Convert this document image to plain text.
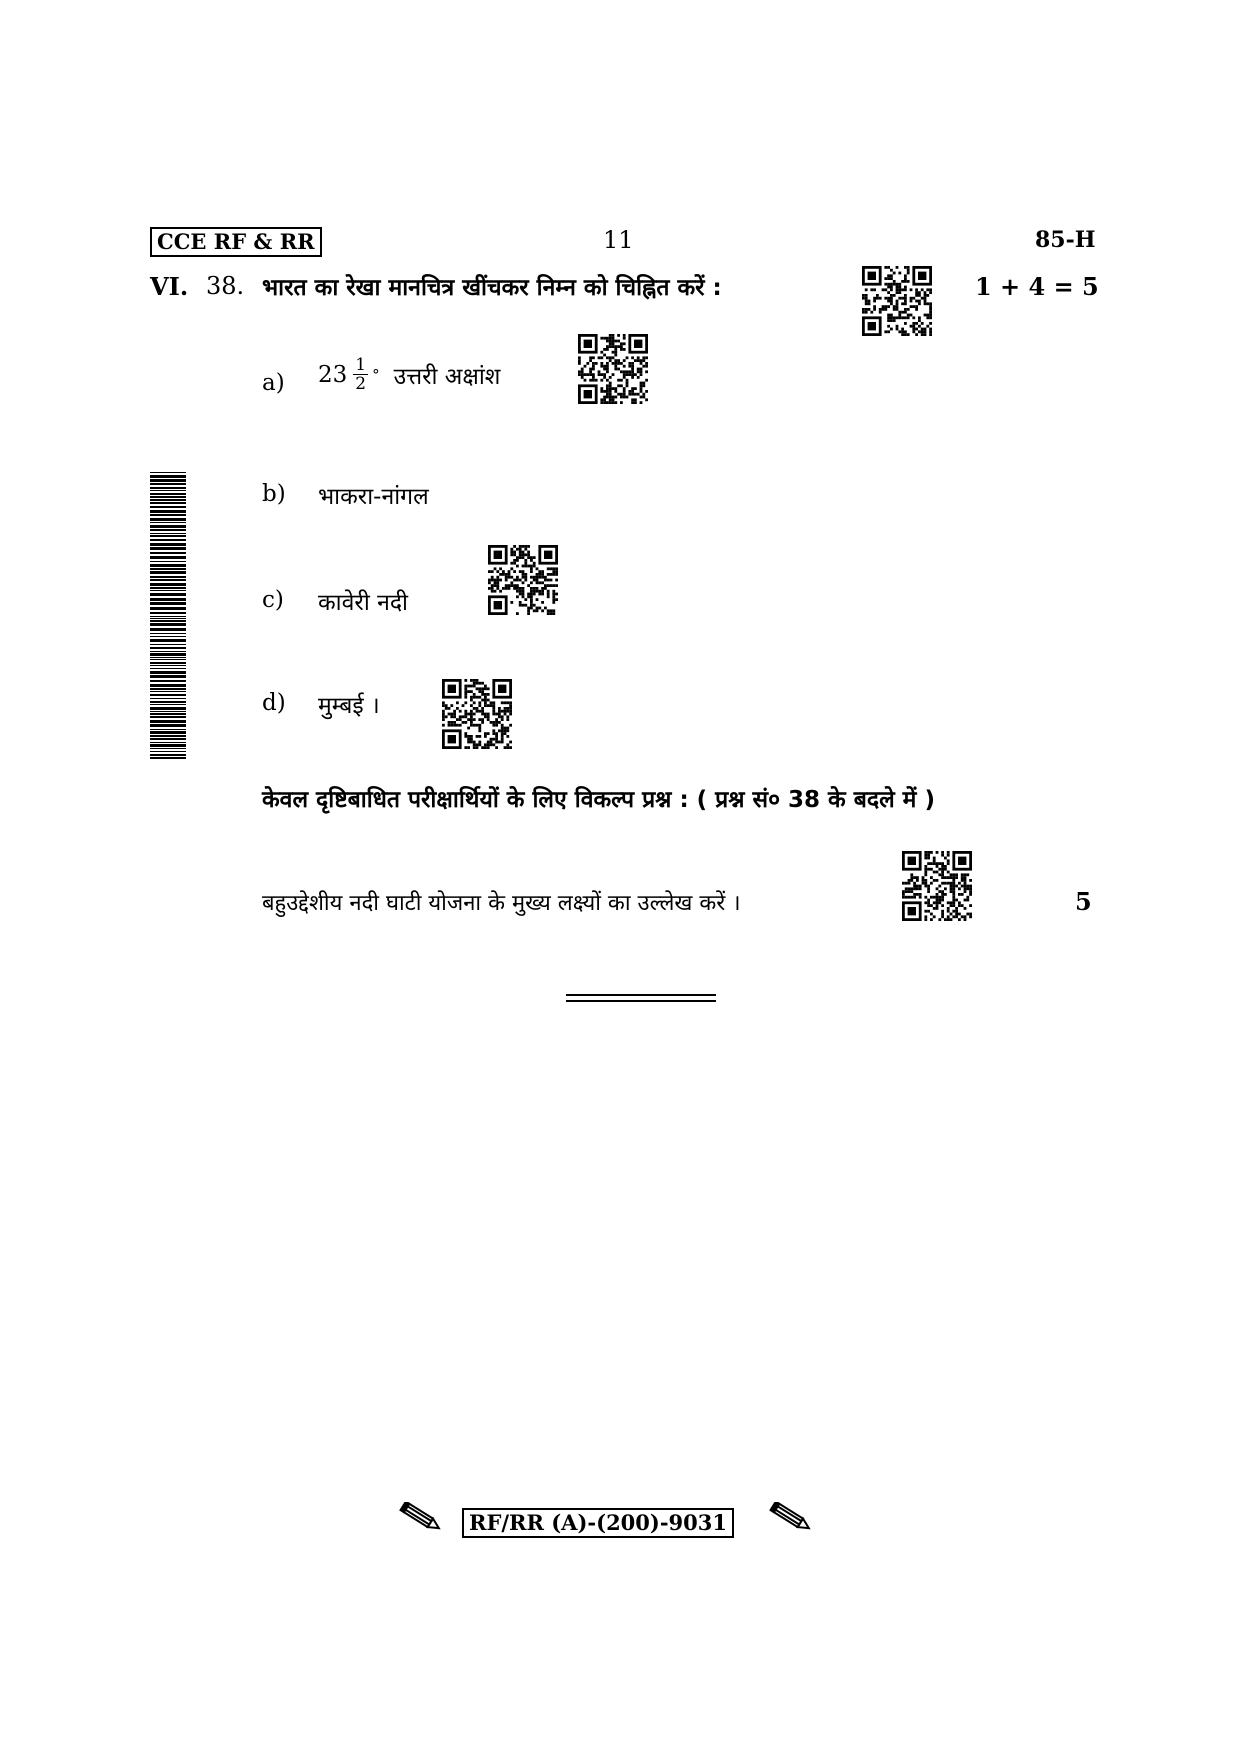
CCE RF & RR	11	85-H
VI. 38. भारत का रेखा मानचित्र खींचकर निम्न को चिह्नित करें :	1 + 4 = 5
a) $23 \frac{1}{2}$ ° उत्तरी अक्षांश
b) भाकरा-नांगल
c) कावेरी नदी
d) मुम्बई ।
केवल दृष्टिबाधित परीक्षार्थियों के लिए विकल्प प्रश्न : ( प्रश्न सं० 38 के बदले में )
बहुउद्देशीय नदी घाटी योजना के मुख्य लक्ष्यों का उल्लेख करें ।	5
RF/RR (A)-(200)-9031
